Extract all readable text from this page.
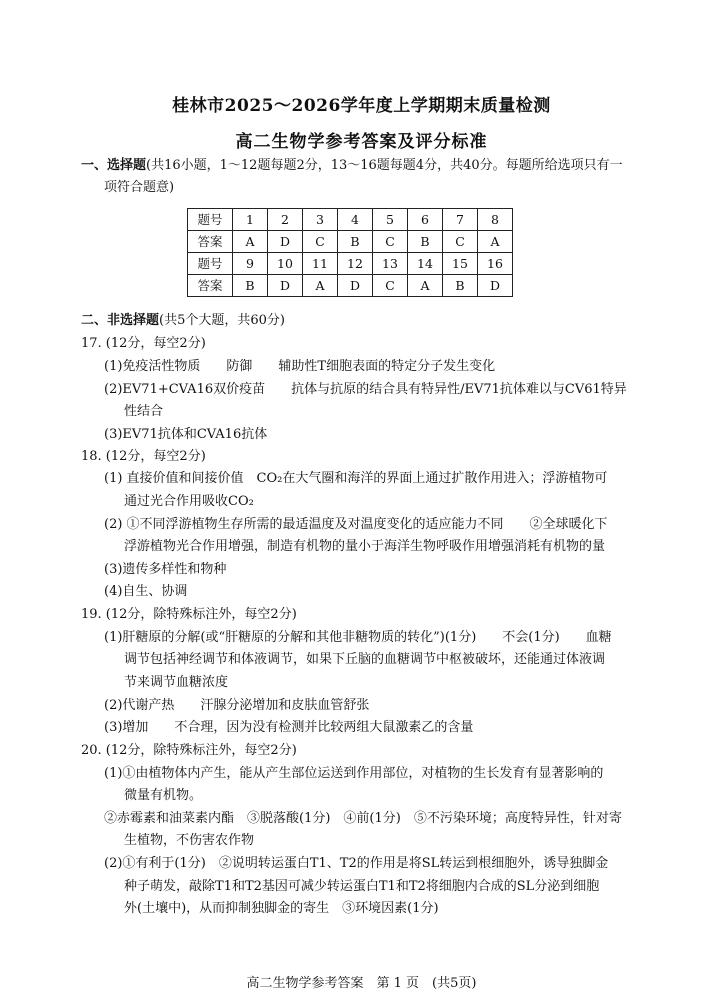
桂林市2025～2026学年度上学期期末质量检测
高二生物学参考答案及评分标准
一、选择题(共16小题，1～12题每题2分，13～16题每题4分，共40分。每题所给选项只有一
项符合题意)
题号	1	2	3	4	5	6	7	8
答案	A	D	C	B	C	B	C	A
题号	9	10	11	12	13	14	15	16
答案	B	D	A	D	C	A	B	D
二、非选择题(共5个大题，共60分)
17. (12分，每空2分)
(1)免疫活性物质　　防御　　辅助性T细胞表面的特定分子发生变化
(2)EV71+CVA16双价疫苗　　抗体与抗原的结合具有特异性/EV71抗体难以与CV61特异
性结合
(3)EV71抗体和CVA16抗体
18. (12分，每空2分)
(1) 直接价值和间接价值　CO₂在大气圈和海洋的界面上通过扩散作用进入；浮游植物可
通过光合作用吸收CO₂
(2) ①不同浮游植物生存所需的最适温度及对温度变化的适应能力不同　　②全球暖化下
浮游植物光合作用增强，制造有机物的量小于海洋生物呼吸作用增强消耗有机物的量
(3)遗传多样性和物种
(4)自生、协调
19. (12分，除特殊标注外，每空2分)
(1)肝糖原的分解(或“肝糖原的分解和其他非糖物质的转化”)(1分)　　不会(1分)　　血糖
调节包括神经调节和体液调节，如果下丘脑的血糖调节中枢被破坏，还能通过体液调
节来调节血糖浓度
(2)代谢产热　　汗腺分泌增加和皮肤血管舒张
(3)增加　　不合理，因为没有检测并比较两组大鼠激素乙的含量
20. (12分，除特殊标注外，每空2分)
(1)①由植物体内产生，能从产生部位运送到作用部位，对植物的生长发育有显著影响的
微量有机物。
②赤霉素和油菜素内酯　③脱落酸(1分)　④前(1分)　⑤不污染环境；高度特异性，针对寄
生植物，不伤害农作物
(2)①有利于(1分)　②说明转运蛋白T1、T2的作用是将SL转运到根细胞外，诱导独脚金
种子萌发，敲除T1和T2基因可减少转运蛋白T1和T2将细胞内合成的SL分泌到细胞
外(土壤中)，从而抑制独脚金的寄生　③环境因素(1分)
高二生物学参考答案　第 1 页　(共5页)
